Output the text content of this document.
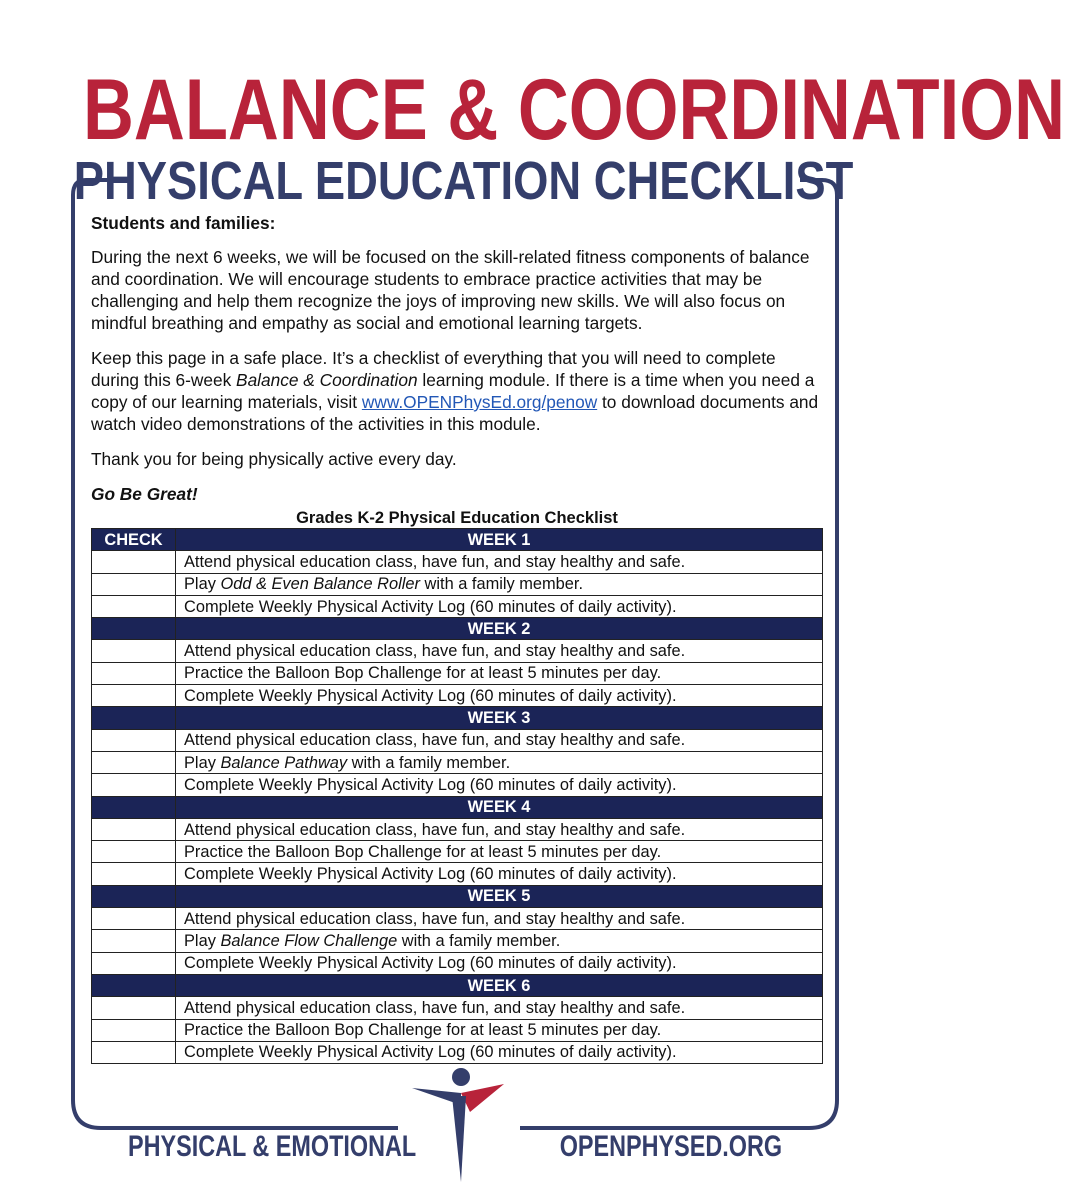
BALANCE & COORDINATION
PHYSICAL EDUCATION CHECKLIST

Students and families:

During the next 6 weeks, we will be focused on the skill-related fitness components of balance and coordination. We will encourage students to embrace practice activities that may be challenging and help them recognize the joys of improving new skills. We will also focus on mindful breathing and empathy as social and emotional learning targets.

Keep this page in a safe place. It’s a checklist of everything that you will need to complete during this 6-week Balance & Coordination learning module. If there is a time when you need a copy of our learning materials, visit www.OPENPhysEd.org/penow to download documents and watch video demonstrations of the activities in this module.

Thank you for being physically active every day.

Go Be Great!

Grades K-2 Physical Education Checklist
CHECK	WEEK 1
	Attend physical education class, have fun, and stay healthy and safe.
	Play Odd & Even Balance Roller with a family member.
	Complete Weekly Physical Activity Log (60 minutes of daily activity).
	WEEK 2
	Attend physical education class, have fun, and stay healthy and safe.
	Practice the Balloon Bop Challenge for at least 5 minutes per day.
	Complete Weekly Physical Activity Log (60 minutes of daily activity).
	WEEK 3
	Attend physical education class, have fun, and stay healthy and safe.
	Play Balance Pathway with a family member.
	Complete Weekly Physical Activity Log (60 minutes of daily activity).
	WEEK 4
	Attend physical education class, have fun, and stay healthy and safe.
	Practice the Balloon Bop Challenge for at least 5 minutes per day.
	Complete Weekly Physical Activity Log (60 minutes of daily activity).
	WEEK 5
	Attend physical education class, have fun, and stay healthy and safe.
	Play Balance Flow Challenge with a family member.
	Complete Weekly Physical Activity Log (60 minutes of daily activity).
	WEEK 6
	Attend physical education class, have fun, and stay healthy and safe.
	Practice the Balloon Bop Challenge for at least 5 minutes per day.
	Complete Weekly Physical Activity Log (60 minutes of daily activity).
PHYSICAL & EMOTIONAL	OPENPHYSED.ORG
